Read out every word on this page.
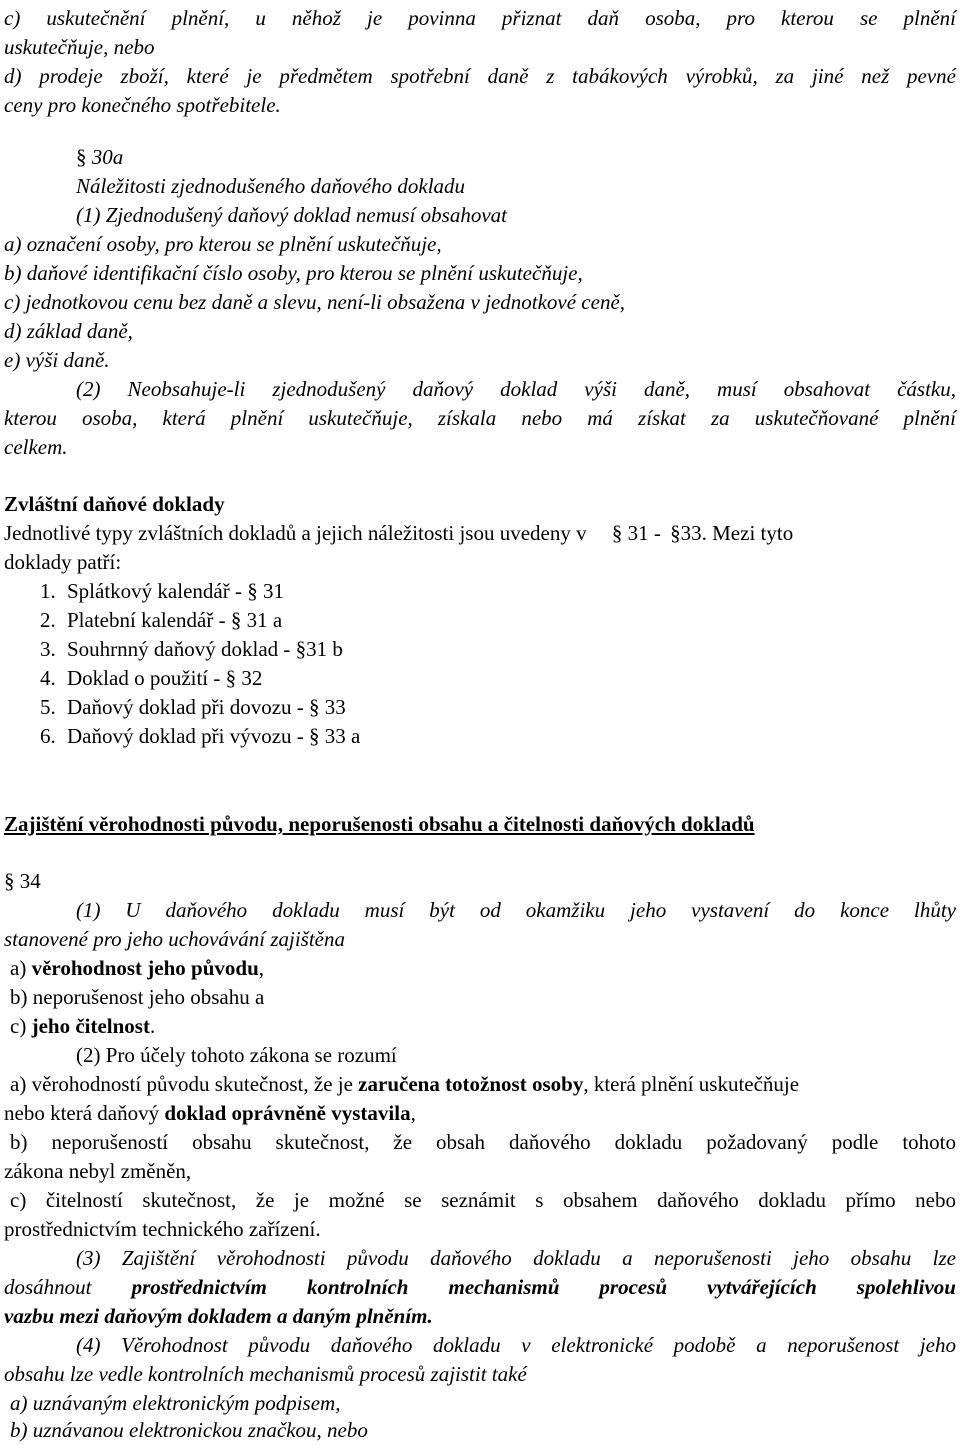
c) uskutečnění plnění, u něhož je povinna přiznat daň osoba, pro kterou se plnění
uskutečňuje, nebo
d) prodeje zboží, které je předmětem spotřební daně z tabákových výrobků, za jiné než pevné
ceny pro konečného spotřebitele.
§ 30a
Náležitosti zjednodušeného daňového dokladu
(1) Zjednodušený daňový doklad nemusí obsahovat
a) označení osoby, pro kterou se plnění uskutečňuje,
b) daňové identifikační číslo osoby, pro kterou se plnění uskutečňuje,
c) jednotkovou cenu bez daně a slevu, není-li obsažena v jednotkové ceně,
d) základ daně,
e) výši daně.
(2) Neobsahuje-li zjednodušený daňový doklad výši daně, musí obsahovat částku,
kterou osoba, která plnění uskutečňuje, získala nebo má získat za uskutečňované plnění
celkem.
Zvláštní daňové doklady
Jednotlivé typy zvláštních dokladů a jejich náležitosti jsou uvedeny v § 31 - §33. Mezi tyto
doklady patří:
1. Splátkový kalendář - § 31
2. Platební kalendář - § 31 a
3. Souhrnný daňový doklad - §31 b
4. Doklad o použití - § 32
5. Daňový doklad při dovozu - § 33
6. Daňový doklad při vývozu - § 33 a
Zajištění věrohodnosti původu, neporušenosti obsahu a čitelnosti daňových dokladů
§ 34
(1) U daňového dokladu musí být od okamžiku jeho vystavení do konce lhůty
stanovené pro jeho uchovávání zajištěna
a) věrohodnost jeho původu,
b) neporušenost jeho obsahu a
c) jeho čitelnost.
(2) Pro účely tohoto zákona se rozumí
a) věrohodností původu skutečnost, že je zaručena totožnost osoby, která plnění uskutečňuje
nebo která daňový doklad oprávněně vystavila,
b) neporušeností obsahu skutečnost, že obsah daňového dokladu požadovaný podle tohoto
zákona nebyl změněn,
c) čitelností skutečnost, že je možné se seznámit s obsahem daňového dokladu přímo nebo
prostřednictvím technického zařízení.
(3) Zajištění věrohodnosti původu daňového dokladu a neporušenosti jeho obsahu lze
dosáhnout prostřednictvím kontrolních mechanismů procesů vytvářejících spolehlivou
vazbu mezi daňovým dokladem a daným plněním.
(4) Věrohodnost původu daňového dokladu v elektronické podobě a neporušenost jeho
obsahu lze vedle kontrolních mechanismů procesů zajistit také
a) uznávaným elektronickým podpisem,
b) uznávanou elektronickou značkou, nebo
